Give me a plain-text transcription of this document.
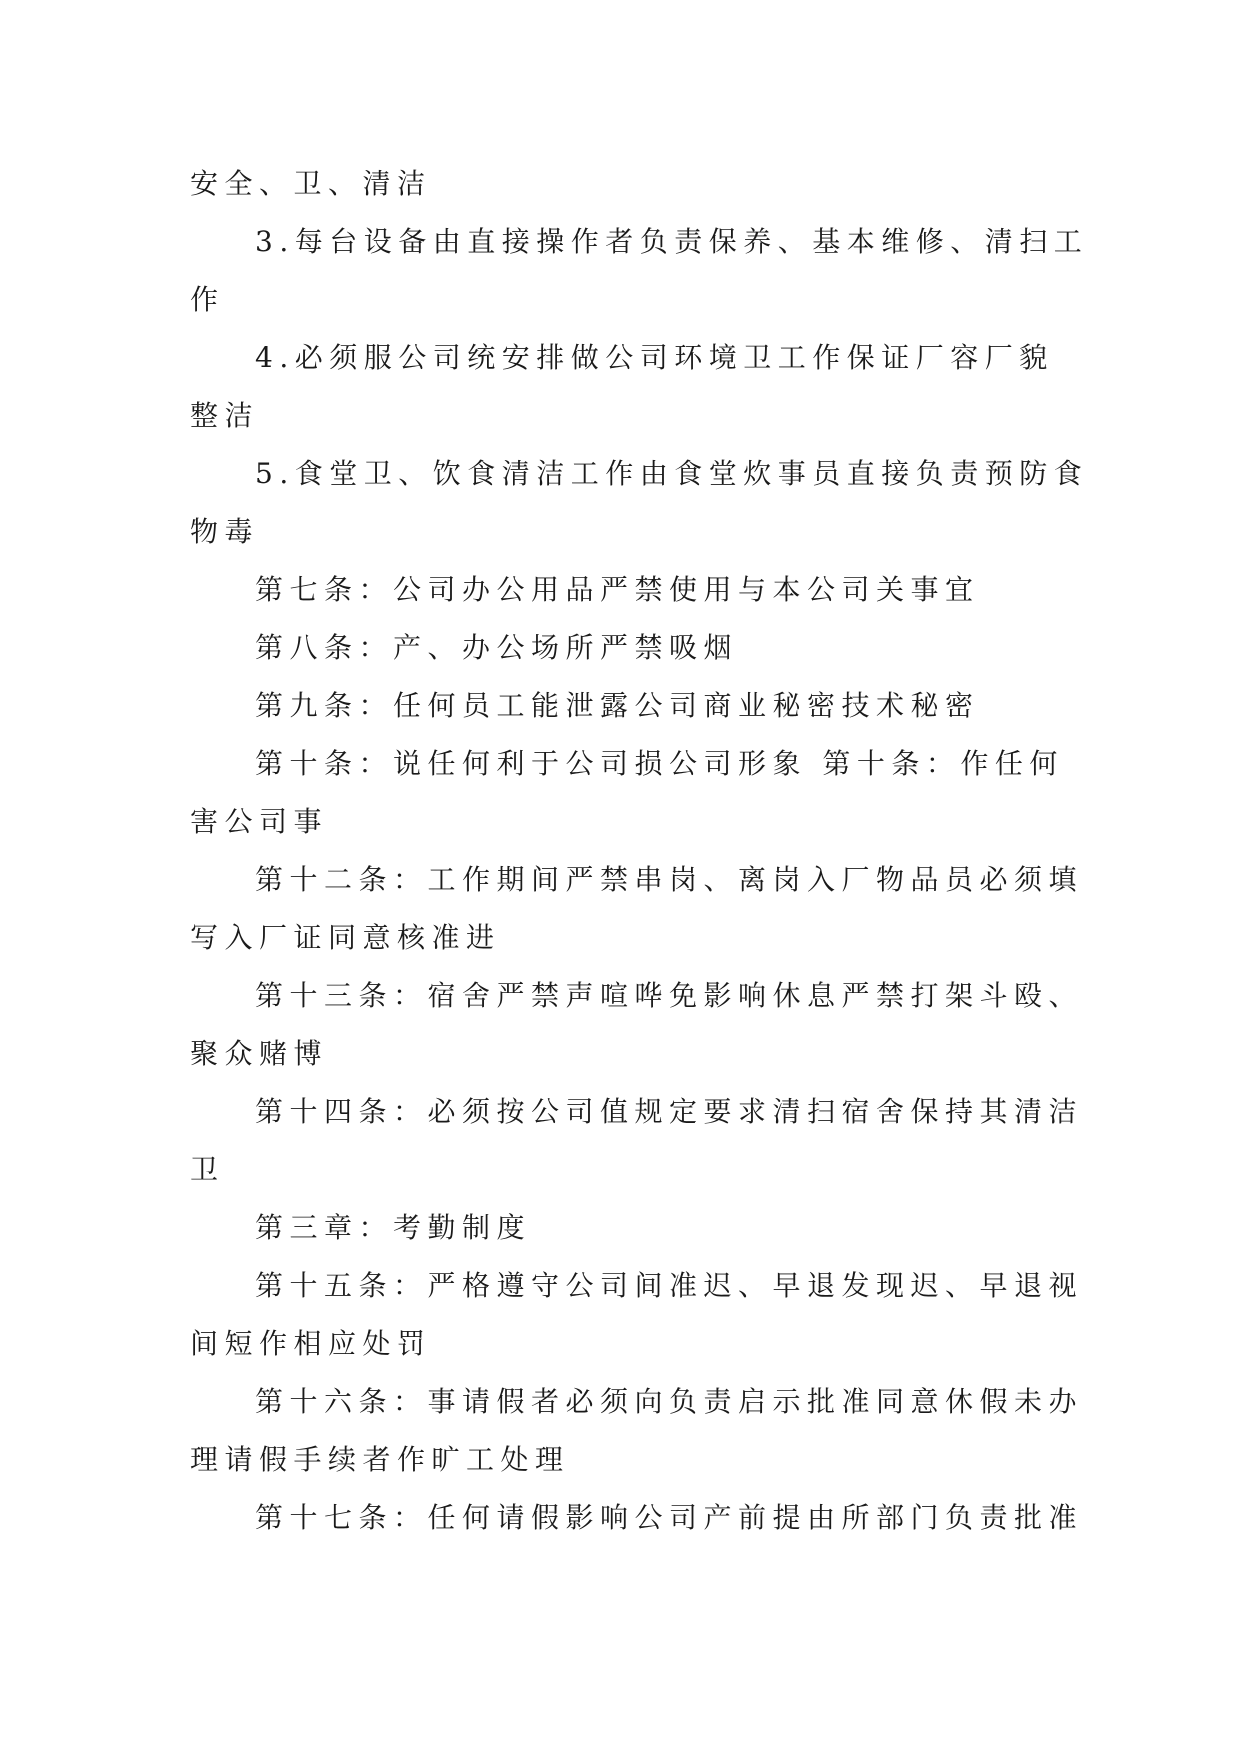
安全、卫、清洁

3.每台设备由直接操作者负责保养、基本维修、清扫工

作

4.必须服公司统安排做公司环境卫工作保证厂容厂貌

整洁

5.食堂卫、饮食清洁工作由食堂炊事员直接负责预防食

物毒

第七条：公司办公用品严禁使用与本公司关事宜

第八条：产、办公场所严禁吸烟

第九条：任何员工能泄露公司商业秘密技术秘密

第十条：说任何利于公司损公司形象 第十条：作任何

害公司事

第十二条：工作期间严禁串岗、离岗入厂物品员必须填

写入厂证同意核准进

第十三条：宿舍严禁声喧哗免影响休息严禁打架斗殴、

聚众赌博

第十四条：必须按公司值规定要求清扫宿舍保持其清洁

卫

第三章：考勤制度

第十五条：严格遵守公司间准迟、早退发现迟、早退视

间短作相应处罚

第十六条：事请假者必须向负责启示批准同意休假未办

理请假手续者作旷工处理

第十七条：任何请假影响公司产前提由所部门负责批准
